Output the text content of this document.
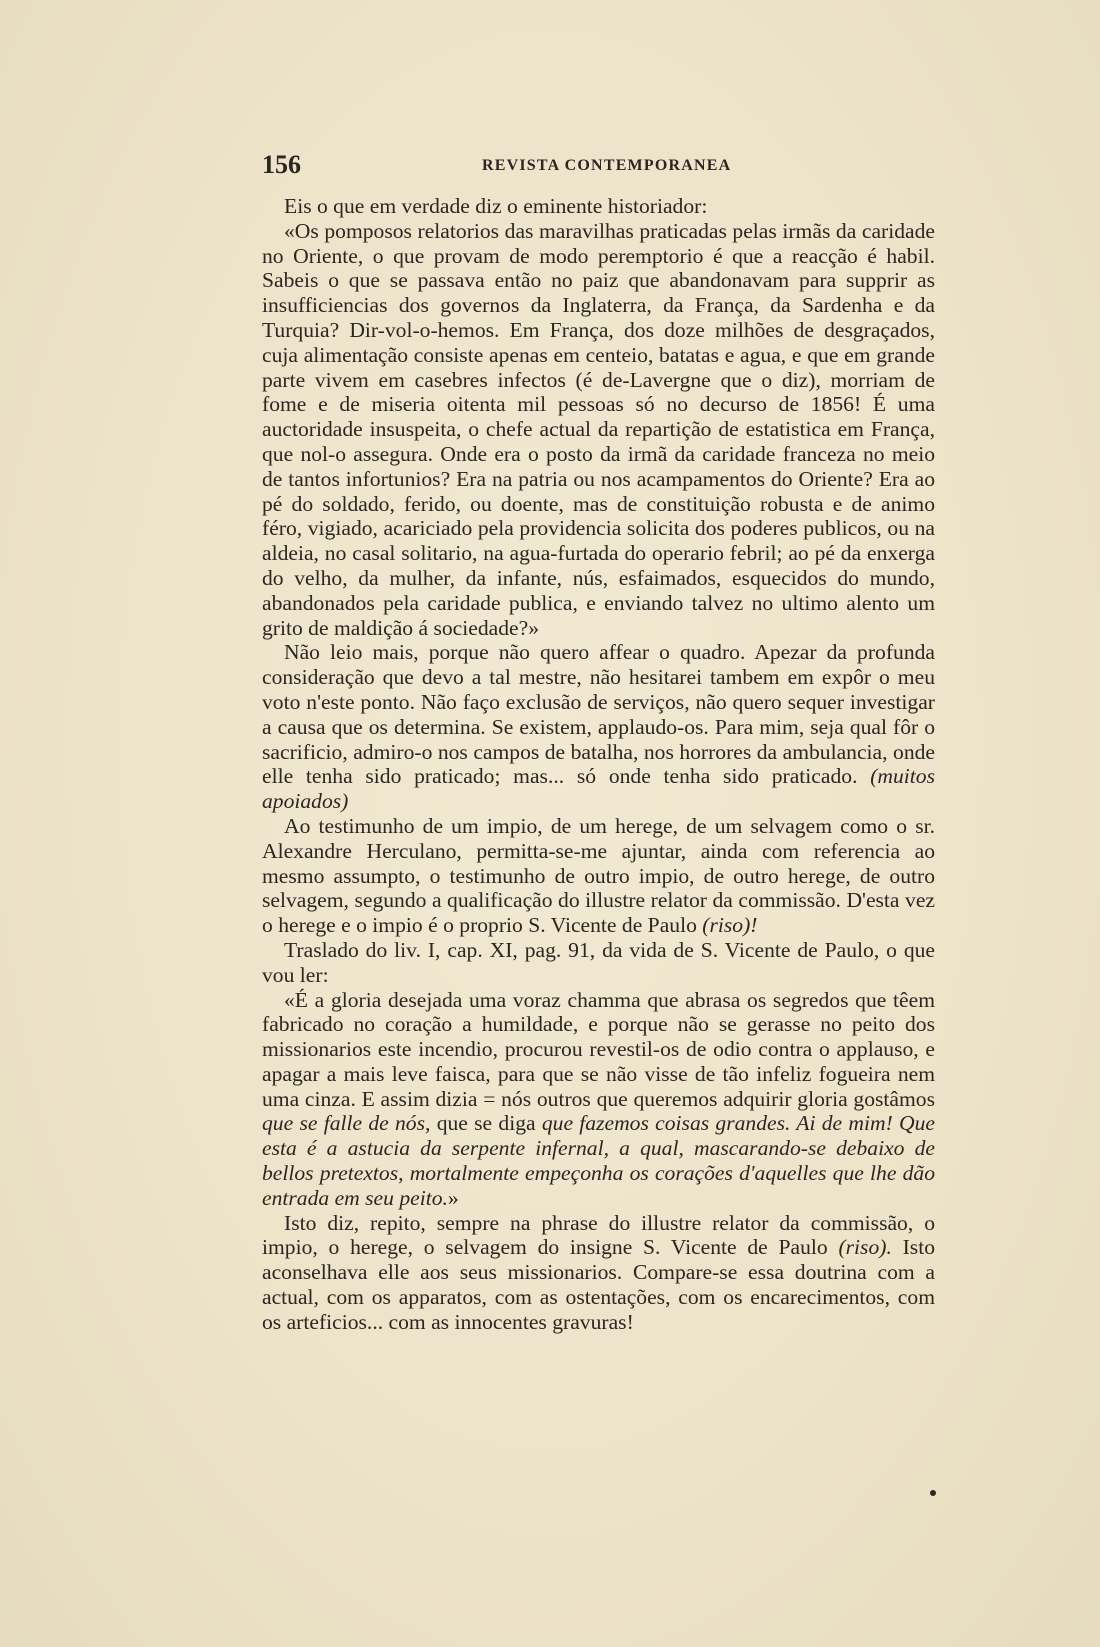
156	REVISTA CONTEMPORANEA

Eis o que em verdade diz o eminente historiador:

«Os pomposos relatorios das maravilhas praticadas pelas irmãs da caridade no Oriente, o que provam de modo peremptorio é que a reacção é habil. Sabeis o que se passava então no paiz que abandonavam para supprir as insufficiencias dos governos da Inglaterra, da França, da Sardenha e da Turquia? Dir-vol-o-hemos. Em França, dos doze milhões de desgraçados, cuja alimentação consiste apenas em centeio, batatas e agua, e que em grande parte vivem em casebres infectos (é de-Lavergne que o diz), morriam de fome e de miseria oitenta mil pessoas só no decurso de 1856! É uma auctoridade insuspeita, o chefe actual da repartição de estatistica em França, que nol-o assegura. Onde era o posto da irmã da caridade franceza no meio de tantos infortunios? Era na patria ou nos acampamentos do Oriente? Era ao pé do soldado, ferido, ou doente, mas de constituição robusta e de animo féro, vigiado, acariciado pela providencia solicita dos poderes publicos, ou na aldeia, no casal solitario, na agua-furtada do operario febril; ao pé da enxerga do velho, da mulher, da infante, nús, esfaimados, esquecidos do mundo, abandonados pela caridade publica, e enviando talvez no ultimo alento um grito de maldição á sociedade?»

Não leio mais, porque não quero affear o quadro. Apezar da profunda consideração que devo a tal mestre, não hesitarei tambem em expôr o meu voto n'este ponto. Não faço exclusão de serviços, não quero sequer investigar a causa que os determina. Se existem, applaudo-os. Para mim, seja qual fôr o sacrificio, admiro-o nos campos de batalha, nos horrores da ambulancia, onde elle tenha sido praticado; mas... só onde tenha sido praticado. (muitos apoiados)

Ao testimunho de um impio, de um herege, de um selvagem como o sr. Alexandre Herculano, permitta-se-me ajuntar, ainda com referencia ao mesmo assumpto, o testimunho de outro impio, de outro herege, de outro selvagem, segundo a qualificação do illustre relator da commissão. D'esta vez o herege e o impio é o proprio S. Vicente de Paulo (riso)!

Traslado do liv. I, cap. XI, pag. 91, da vida de S. Vicente de Paulo, o que vou ler:

«É a gloria desejada uma voraz chamma que abrasa os segredos que têem fabricado no coração a humildade, e porque não se gerasse no peito dos missionarios este incendio, procurou revestil-os de odio contra o applauso, e apagar a mais leve faisca, para que se não visse de tão infeliz fogueira nem uma cinza. E assim dizia = nós outros que queremos adquirir gloria gostâmos que se falle de nós, que se diga que fazemos coisas grandes. Ai de mim! Que esta é a astucia da serpente infernal, a qual, mascarando-se debaixo de bellos pretextos, mortalmente empeçonha os corações d'aquelles que lhe dão entrada em seu peito.»

Isto diz, repito, sempre na phrase do illustre relator da commissão, o impio, o herege, o selvagem do insigne S. Vicente de Paulo (riso). Isto aconselhava elle aos seus missionarios. Compare-se essa doutrina com a actual, com os apparatos, com as ostentações, com os encarecimentos, com os arteficios... com as innocentes gravuras!
